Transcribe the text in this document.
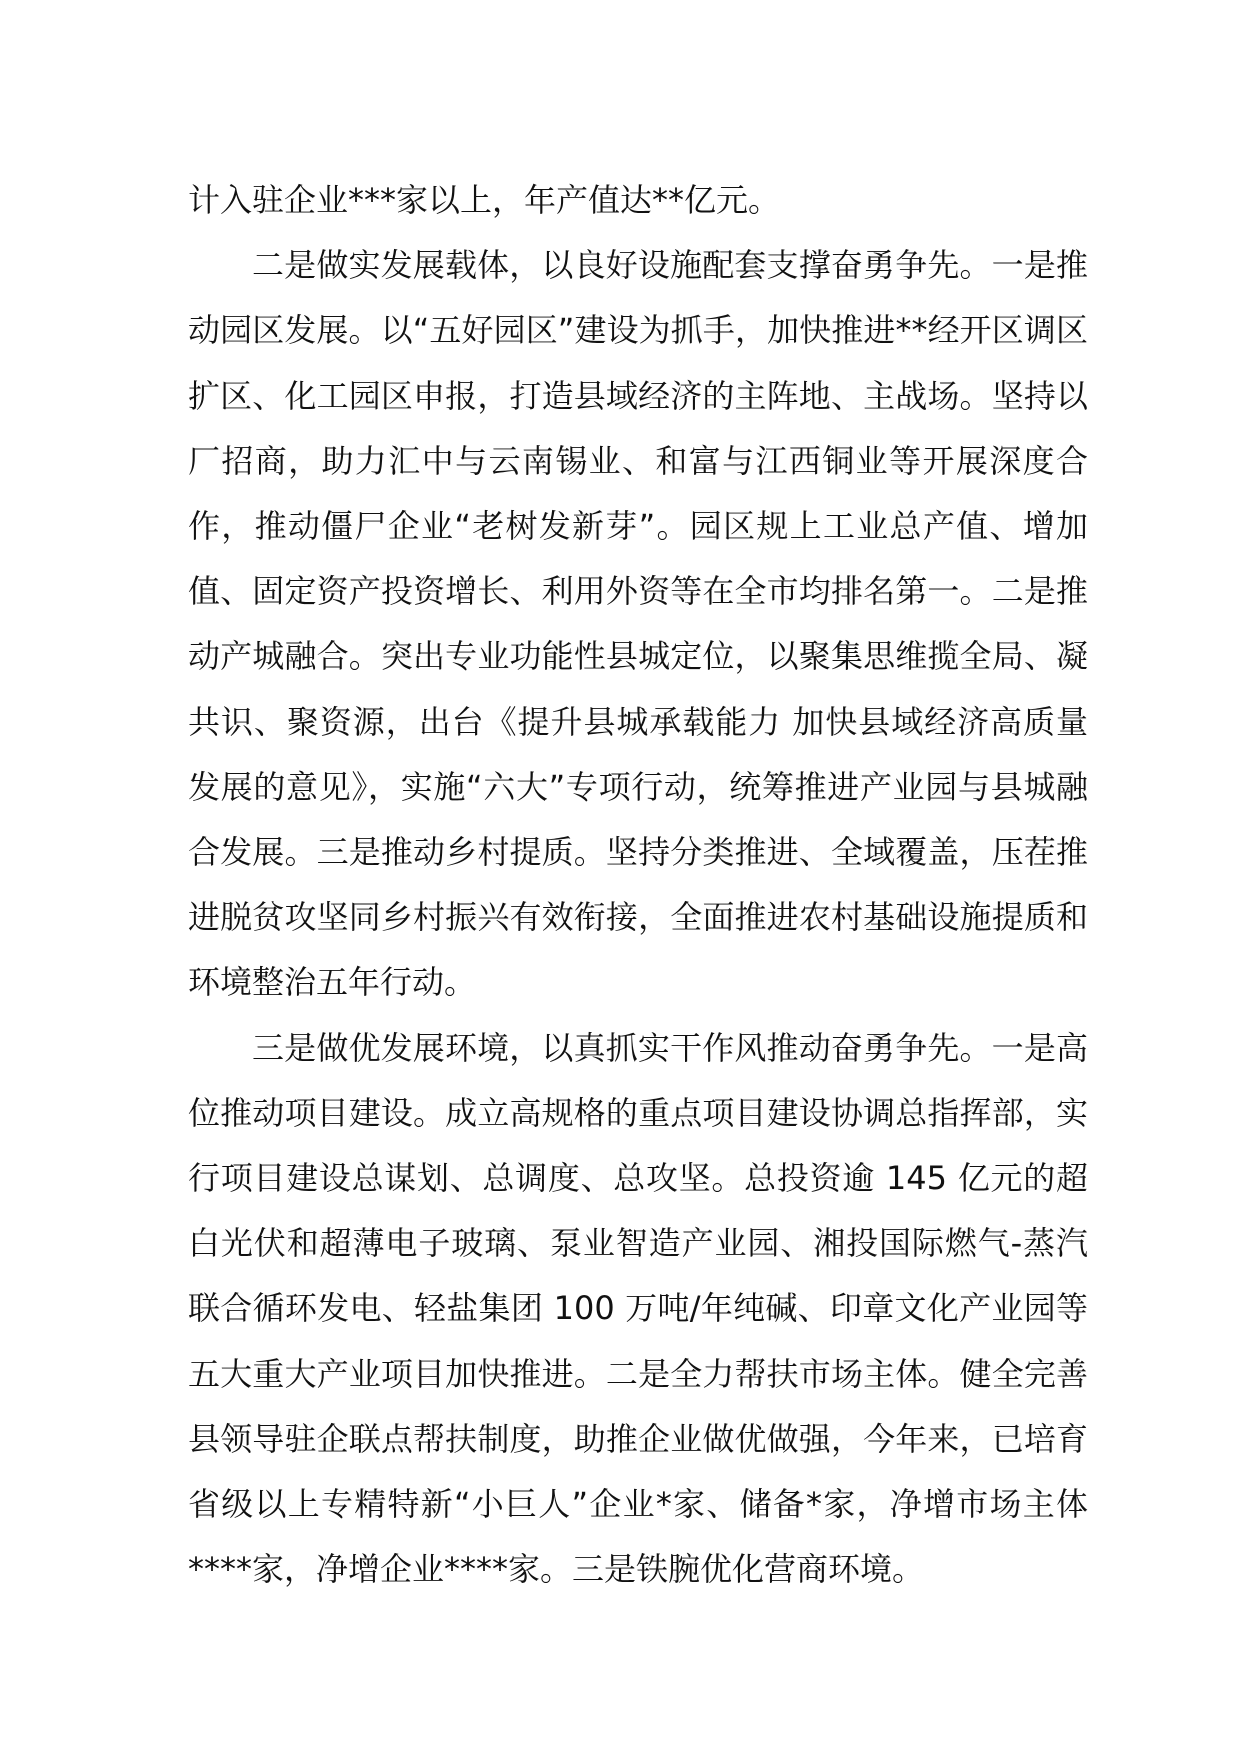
计入驻企业***家以上，年产值达**亿元。

二是做实发展载体，以良好设施配套支撑奋勇争先。一是推动园区发展。以“五好园区”建设为抓手，加快推进**经开区调区扩区、化工园区申报，打造县域经济的主阵地、主战场。坚持以厂招商，助力汇中与云南锡业、和富与江西铜业等开展深度合作，推动僵尸企业“老树发新芽”。园区规上工业总产值、增加值、固定资产投资增长、利用外资等在全市均排名第一。二是推动产城融合。突出专业功能性县城定位，以聚集思维揽全局、凝共识、聚资源，出台《提升县城承载能力 加快县域经济高质量发展的意见》，实施“六大”专项行动，统筹推进产业园与县城融合发展。三是推动乡村提质。坚持分类推进、全域覆盖，压茬推进脱贫攻坚同乡村振兴有效衔接，全面推进农村基础设施提质和环境整治五年行动。

三是做优发展环境，以真抓实干作风推动奋勇争先。一是高位推动项目建设。成立高规格的重点项目建设协调总指挥部，实行项目建设总谋划、总调度、总攻坚。总投资逾 145 亿元的超白光伏和超薄电子玻璃、泵业智造产业园、湘投国际燃气-蒸汽联合循环发电、轻盐集团 100 万吨/年纯碱、印章文化产业园等五大重大产业项目加快推进。二是全力帮扶市场主体。健全完善县领导驻企联点帮扶制度，助推企业做优做强，今年来，已培育省级以上专精特新“小巨人”企业*家、储备*家，净增市场主体****家，净增企业****家。三是铁腕优化营商环境。
